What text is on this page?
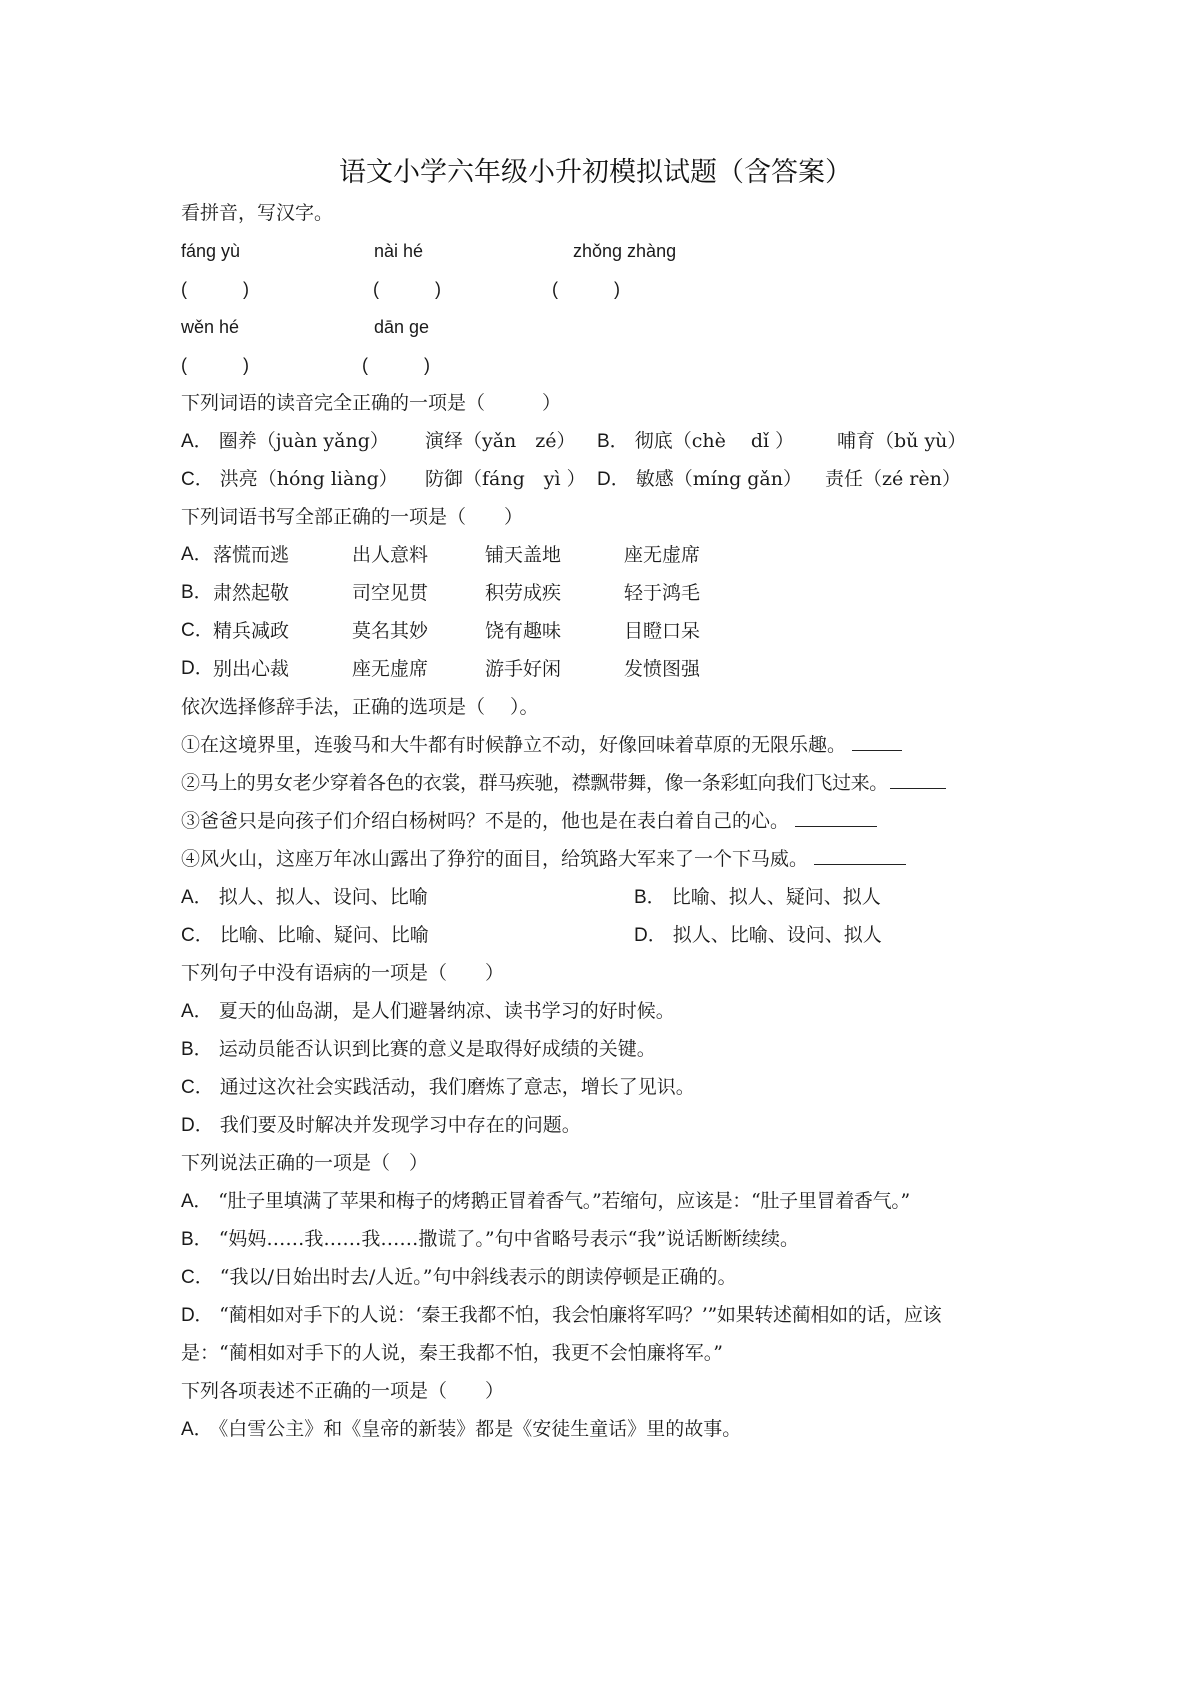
语文小学六年级小升初模拟试题（含答案）
看拼音，写汉字。
fáng yù	nài hé	zhǒng zhàng
(	)	(	)	(	)
wěn hé	dān ge
(	)	(	)
下列词语的读音完全正确的一项是（　　　）
A． 圈养（juàn yǎng） 演绎（yǎn　zé） B． 彻底（chè　 dǐ ） 哺育（bǔ yù）
C． 洪亮（hóng liàng） 防御（fáng　yì ） D． 敏感（míng gǎn） 责任（zé rèn）
下列词语书写全部正确的一项是（　　）
A． 落慌而逃	出人意料	铺天盖地	座无虚席
B． 肃然起敬	司空见贯	积劳成疾	轻于鸿毛
C． 精兵减政	莫名其妙	饶有趣味	目瞪口呆
D． 别出心裁	座无虚席	游手好闲	发愤图强
依次选择修辞手法，正确的选项是（　 ）。
①在这境界里，连骏马和大牛都有时候静立不动，好像回味着草原的无限乐趣。
②马上的男女老少穿着各色的衣裳，群马疾驰，襟飘带舞，像一条彩虹向我们飞过来。
③爸爸只是向孩子们介绍白杨树吗？不是的，他也是在表白着自己的心。
④风火山，这座万年冰山露出了狰狞的面目，给筑路大军来了一个下马威。
A． 拟人、拟人、设问、比喻	B． 比喻、拟人、疑问、拟人
C． 比喻、比喻、疑问、比喻	D． 拟人、比喻、设问、拟人
下列句子中没有语病的一项是（　　）
A． 夏天的仙岛湖，是人们避暑纳凉、读书学习的好时候。
B． 运动员能否认识到比赛的意义是取得好成绩的关键。
C． 通过这次社会实践活动，我们磨炼了意志，增长了见识。
D． 我们要及时解决并发现学习中存在的问题。
下列说法正确的一项是（　）
A． “肚子里填满了苹果和梅子的烤鹅正冒着香气。”若缩句，应该是：“肚子里冒着香气。”
B． “妈妈……我……我……撒谎了。”句中省略号表示“我”说话断断续续。
C． “我以/日始出时去/人近。”句中斜线表示的朗读停顿是正确的。
D． “蔺相如对手下的人说：‘秦王我都不怕，我会怕廉将军吗？’”如果转述蔺相如的话，应该
是：“蔺相如对手下的人说，秦王我都不怕，我更不会怕廉将军。”
下列各项表述不正确的一项是（　　）
A． 《白雪公主》和《皇帝的新装》都是《安徒生童话》里的故事。
